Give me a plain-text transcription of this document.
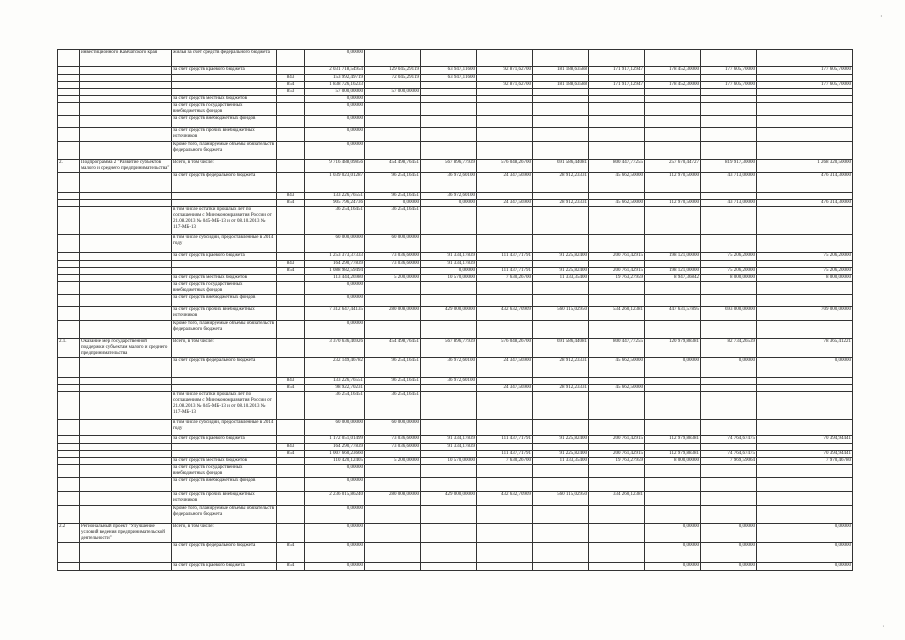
·
˙
	инвестиционного Камчатского края	жилья за счет средств федерального бюджета		0,00000								
		за счет средств краевого бюджета		2 031 718,54954	129 045,29119	63 947,11600	92 871,62700	181 188,63588	171 917,12947	178 452,30000	177 605,70000	177 605,70000
			843	153 992,49719	72 045,29119	63 947,11600						
			854	1 838 726,16233			92 871,62700	181 188,63588	171 917,12947	178 452,30000	177 605,70000	177 605,70000
			853	57 000,00000	57 000,00000							
		за счет средств местных бюджетов		0,00000								
		за счет средств государственных внебюджетных фондов		0,00000								
		за счет средств внебюджетных фондов		0,00000								
		за счет средств прочих внебюджетных источников		0,00000								
		Кроме того, планируемые объемы обязательств федерального бюджета		0,00000								
2.	Подпрограмма 2 "Развитие субъектов малого и среднего предпринимательства"	Всего, в том числе:		9 716 488,09856	454 498,76451	567 896,77939	576 048,26700	691 586,44081	800 447,77255	257 670,44727	819 917,30000	1 268 320,50000
		за счет средств федерального бюджета		1 039 023,01287	96 254,16451	36 972,60100	24 347,56900	28 912,23331	45 662,50000	112 970,50000	43 713,00000	476 314,30000
			843	133 226,76551	96 254,16451	36 972,60100						
			854	905 796,24736	0,00000	0,00000	24 347,56900	28 912,23331	45 662,50000	112 970,50000	43 713,00000	476 314,30000
		в том числе остатки прошлых лет по соглашениям с Минэкономразвития России от 21.08.2013 № 045-МБ-13 и от 08.10.2013 № 117-МБ-13		36 254,16451	36 254,16451							
		в том числе субсидии, предоставленные в 2014 году		60 000,00000	60 000,00000							
		за счет средств краевого бюджета		1 253 373,37333	73 036,60000	91 334,17839	111 437,71791	91 225,82400	200 761,42915	198 121,00000	75 206,20000	75 206,20000
			843	164 290,77839	73 036,60000	91 334,17839						
			854	1 088 982,59494		0,00000	111 437,71791	91 225,82400	200 761,42915	198 121,00000	75 206,20000	75 206,20000
		за счет средств местных бюджетов		113 444,26980	5 200,00000	10 570,00000	7 630,26700	11 333,35400	19 763,27959	8 947,36842	8 000,00000	8 000,00000
		за счет средств государственных внебюджетных фондов		0,00000								
		за счет средств внебюджетных фондов		0,00000								
		за счет средств прочих внебюджетных источников		7 312 647,44135	280 008,00000	429 000,00000	432 632,70909	560 115,02950	534 260,12381	447 631,57895	693 000,00000	709 000,00000
		Кроме того, планируемые объемы обязательств федерального бюджета		0,00000								
2.1.	Оказание мер государственной поддержки субъектам малого и среднего предпринимательства	Всего, в том числе:		3 370 636,46926	454 498,76451	567 896,77939	576 048,26700	691 586,44081	800 447,77255	120 979,88381	82 734,26539	78 365,41221
		за счет средств федерального бюджета		232 149,46782	96 254,16451	36 972,60100	24 347,56900	28 912,23331	45 662,50000	0,00000	0,00000	0,00000
			843	133 226,76551	96 254,16451	36 972,60100						
			854	98 922,70231			24 347,56900	28 912,23331	45 662,50000			
		в том числе остатки прошлых лет по соглашениям с Минэкономразвития России от 21.08.2013 № 045-МБ-13 и от 08.10.2013 № 117-МБ-13		36 254,16451	36 254,16451							
		в том числе субсидии, предоставленные в 2014 году		60 000,00000	60 000,00000							
		за счет средств краевого бюджета		1 172 051,01499	73 036,60000	91 334,17839	111 437,71791	91 225,82400	200 761,42915	112 979,88381	74 764,67475	70 394,94441
			843	164 290,77839	73 036,60000	91 334,17839						
			854	1 007 660,23660			111 437,71791	91 225,82400	200 761,42915	112 979,88381	74 764,67475	70 394,94441
		за счет средств местных бюджетов		110 420,12405	5 200,00000	10 570,00000	7 630,26700	11 333,35400	19 763,27959	8 000,00000	7 969,59064	7 970,46780
		за счет средств государственных внебюджетных фондов		0,00000								
		за счет средств внебюджетных фондов		0,00000								
		за счет средств прочих внебюджетных источников		2 236 015,86240	280 008,00000	429 000,00000	432 632,70909	560 115,02950	334 260,12381			
		Кроме того, планируемые объемы обязательств федерального бюджета		0,00000								
2.2	Региональный проект "Улучшение условий ведения предпринимательской деятельности"	Всего, в том числе:		0,00000						0,00000	0,00000	0,00000
		за счет средств федерального бюджета	854	0,00000						0,00000	0,00000	0,00000
		за счет средств краевого бюджета	854	0,00000						0,00000	0,00000	0,00000
